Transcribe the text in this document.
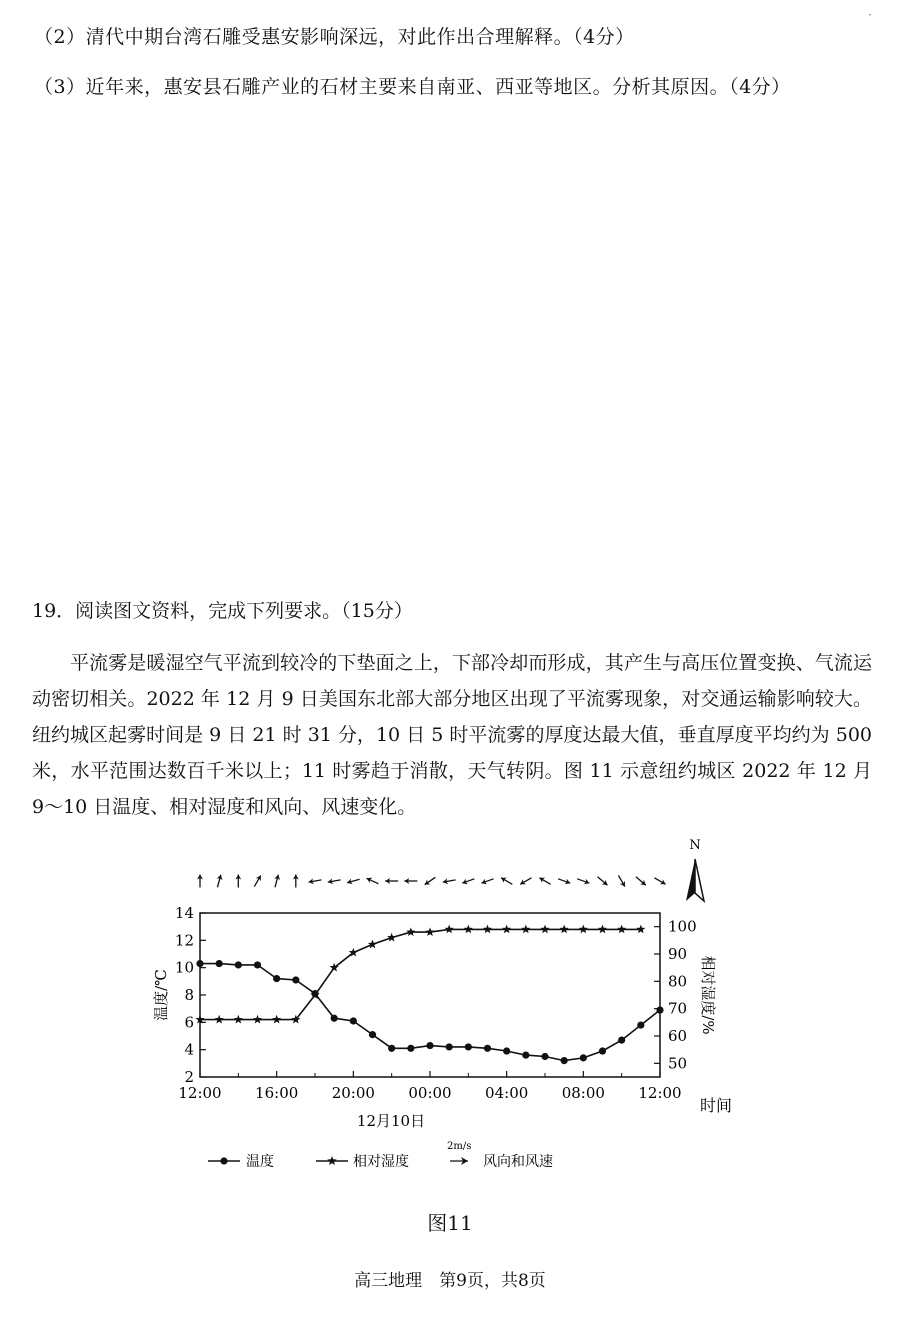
·
（2）清代中期台湾石雕受惠安影响深远，对此作出合理解释。（4分）
（3）近年来，惠安县石雕产业的石材主要来自南亚、西亚等地区。分析其原因。（4分）
19．阅读图文资料，完成下列要求。（15分）
平流雾是暖湿空气平流到较冷的下垫面之上，下部冷却而形成，其产生与高压位置变换、气流运动密切相关。2022 年 12 月 9 日美国东北部大部分地区出现了平流雾现象，对交通运输影响较大。纽约城区起雾时间是 9 日 21 时 31 分，10 日 5 时平流雾的厚度达最大值，垂直厚度平均约为 500 米，水平范围达数百千米以上；11 时雾趋于消散，天气转阴。图 11 示意纽约城区 2022 年 12 月 9～10 日温度、相对湿度和风向、风速变化。
N
2
4
6
8
10
12
14
50
60
70
80
90
100
12:00 16:00 20:00 00:00 04:00 08:00 12:00
温度/℃	相对湿度/%
时间
12月10日
温度	相对湿度
2m/s
风向和风速
图11
高三地理　第9页，共8页
